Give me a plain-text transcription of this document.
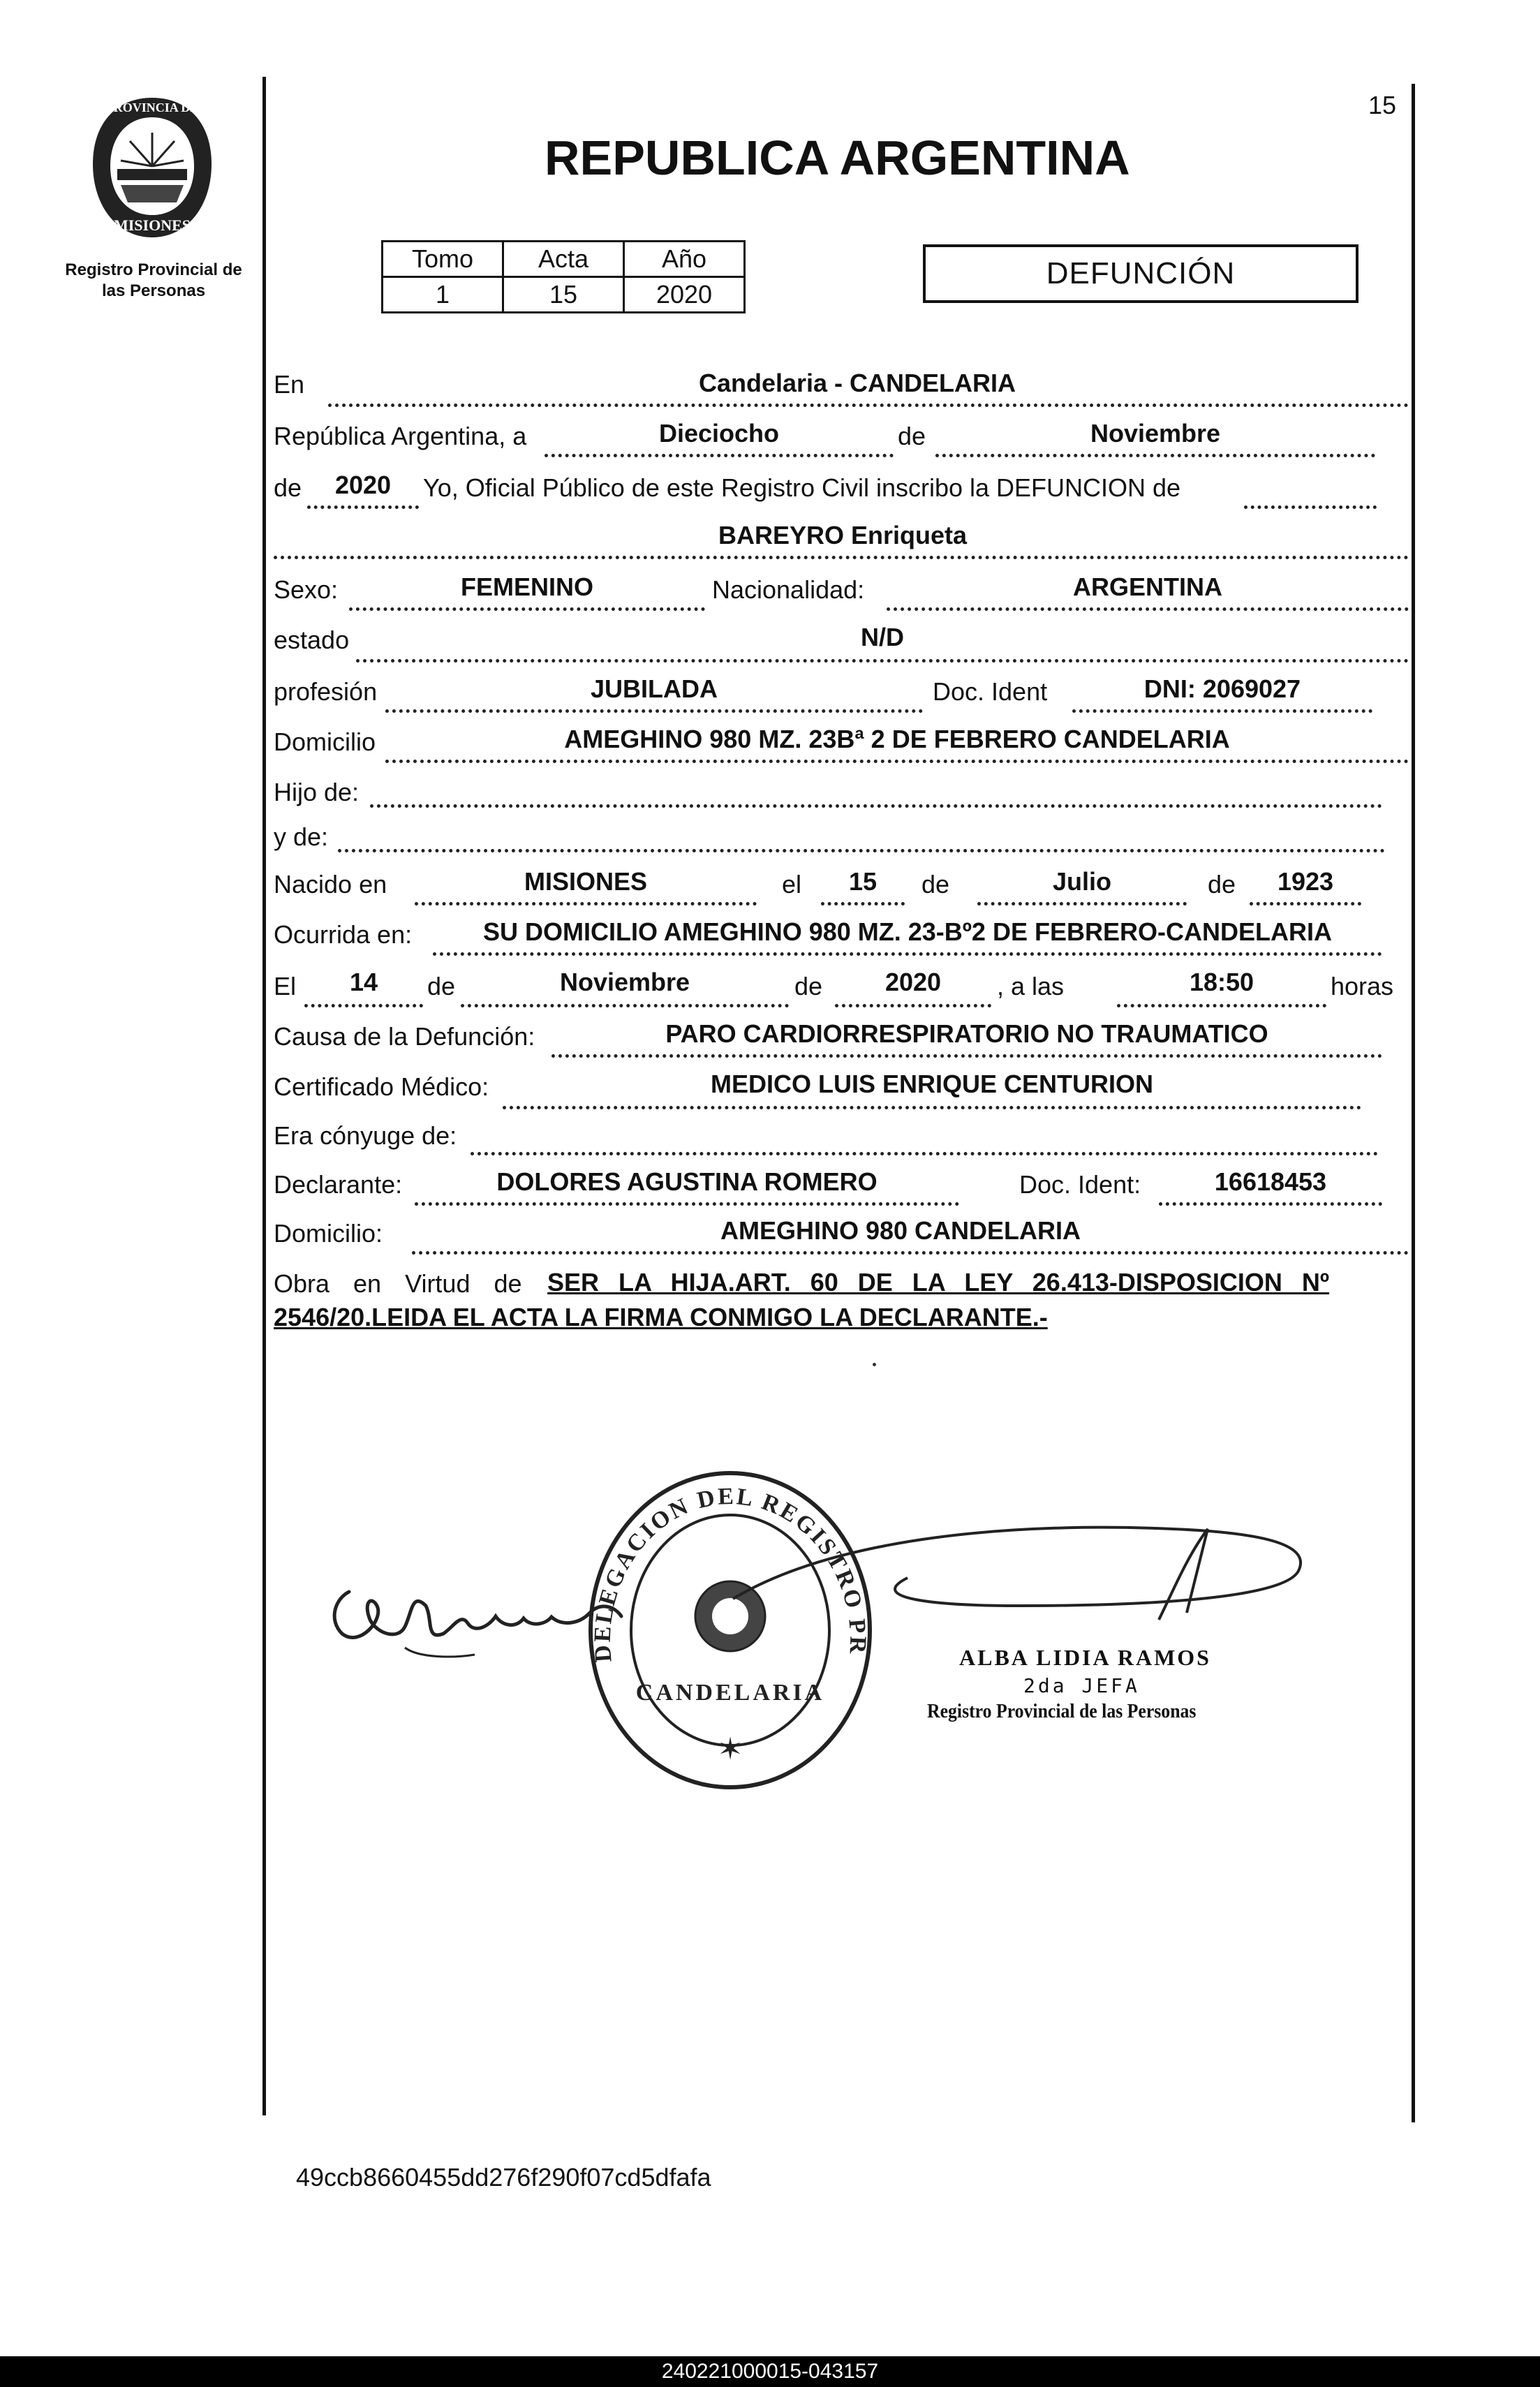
PROVINCIA DE
MISIONES
Registro Provincial de
las Personas
15
REPUBLICA ARGENTINA
Tomo	Acta	Año
1	15	2020
DEFUNCIÓN
En	Candelaria - CANDELARIA
República Argentina, a	Dieciocho	de	Noviembre
de	2020	Yo, Oficial Público de este Registro Civil inscribo la DEFUNCION de
BAREYRO Enriqueta
Sexo:	FEMENINO	Nacionalidad:	ARGENTINA
estado	N/D
profesión	JUBILADA	Doc. Ident	DNI: 2069027
Domicilio	AMEGHINO 980 MZ. 23Bª 2 DE FEBRERO CANDELARIA
Hijo de:
y de:
Nacido en	MISIONES	el	15	de	Julio	de	1923
Ocurrida en:	SU DOMICILIO AMEGHINO 980 MZ. 23-Bº2 DE FEBRERO-CANDELARIA
El	14	de	Noviembre	de	2020	, a las	18:50	horas
Causa de la Defunción:	PARO CARDIORRESPIRATORIO NO TRAUMATICO
Certificado Médico:	MEDICO LUIS ENRIQUE CENTURION
Era cónyuge de:
Declarante:	DOLORES AGUSTINA ROMERO	Doc. Ident:	16618453
Domicilio:	AMEGHINO 980 CANDELARIA
Obra en Virtud de SER LA HIJA.ART. 60 DE LA LEY 26.413-DISPOSICION Nº
2546/20.LEIDA EL ACTA LA FIRMA CONMIGO LA DECLARANTE.-
DELEGACION DEL REGISTRO PR
CANDELARIA
✶
ALBA LIDIA RAMOS
2da JEFA
Registro Provincial de las Personas
49ccb8660455dd276f290f07cd5dfafa
240221000015-043157
